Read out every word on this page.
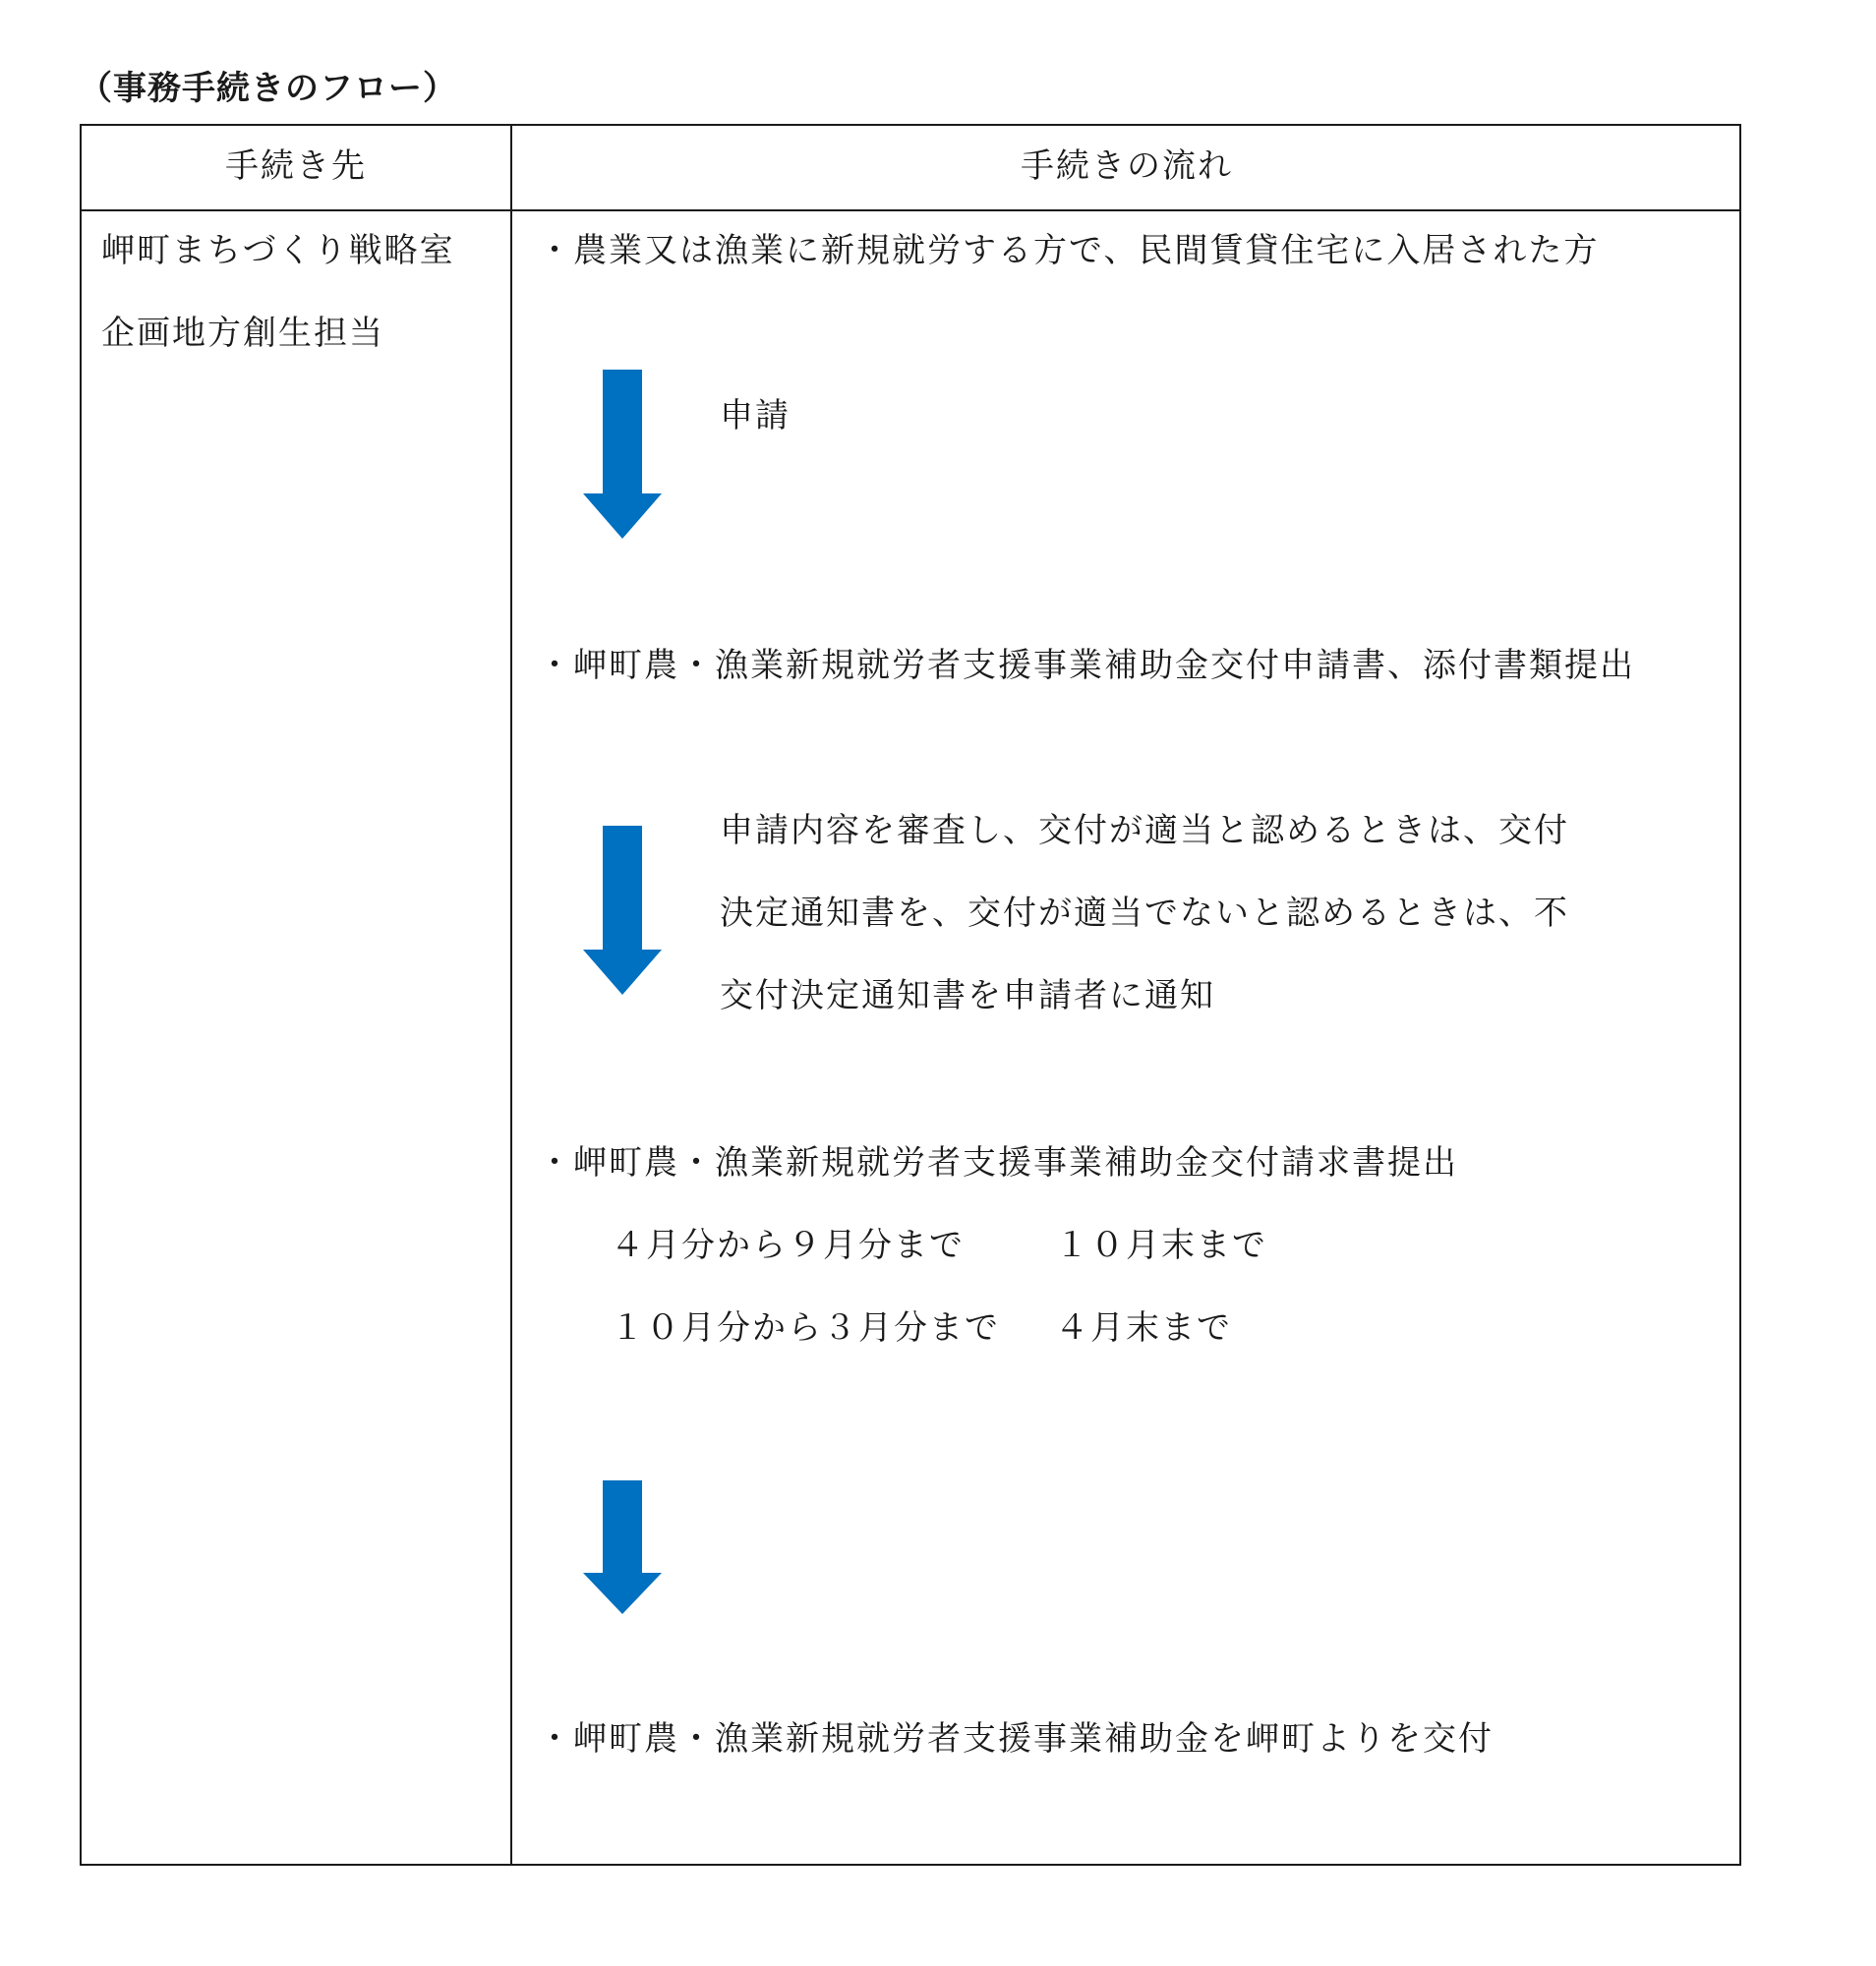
（事務手続きのフロー）
手続き先	手続きの流れ
岬町まちづくり戦略室
企画地方創生担当
・農業又は漁業に新規就労する方で、民間賃貸住宅に入居された方
申請
・岬町農・漁業新規就労者支援事業補助金交付申請書、添付書類提出
申請内容を審査し、交付が適当と認めるときは、交付
決定通知書を、交付が適当でないと認めるときは、不
交付決定通知書を申請者に通知
・岬町農・漁業新規就労者支援事業補助金交付請求書提出
４月分から９月分まで	１０月末まで
１０月分から３月分まで ４月末まで
・岬町農・漁業新規就労者支援事業補助金を岬町よりを交付
